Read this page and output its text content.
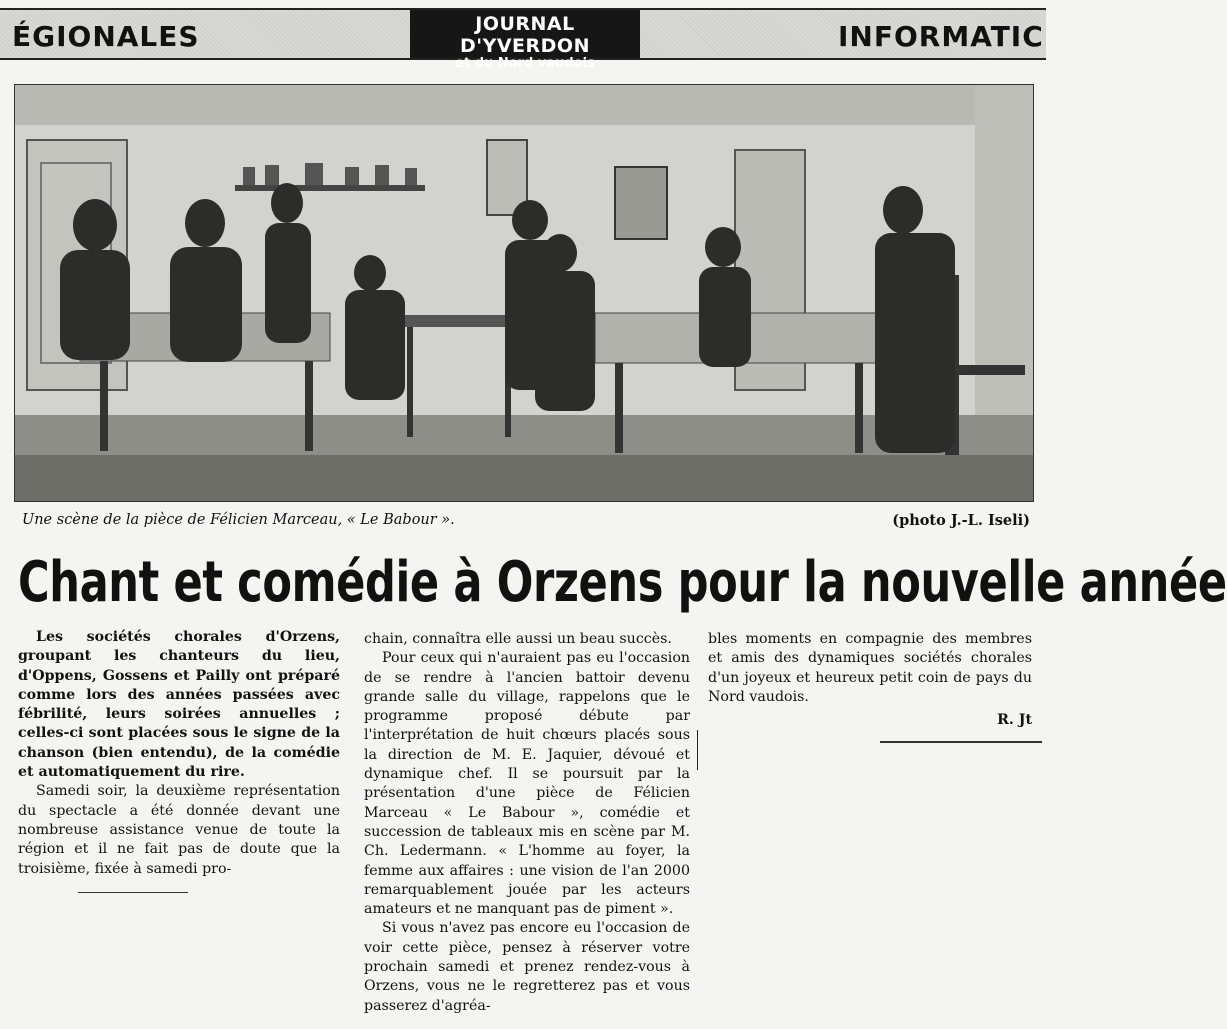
ÉGIONALES	JOURNAL D'YVERDON
et du Nord vaudois
INFORMATIC
Une scène de la pièce de Félicien Marceau, « Le Babour ».	(photo J.-L. Iseli)
Chant et comédie à Orzens pour la nouvelle année

Les sociétés chorales d'Orzens, groupant les chanteurs du lieu, d'Oppens, Gossens et Pailly ont préparé comme lors des années passées avec fébrilité, leurs soirées annuelles ; celles-ci sont placées sous le signe de la chanson (bien entendu), de la comédie et automatiquement du rire.

Samedi soir, la deuxième représentation du spectacle a été donnée devant une nombreuse assistance venue de toute la région et il ne fait pas de doute que la troisième, fixée à samedi pro-

chain, connaîtra elle aussi un beau succès.

Pour ceux qui n'auraient pas eu l'occasion de se rendre à l'ancien battoir devenu grande salle du village, rappelons que le programme proposé débute par l'interprétation de huit chœurs placés sous la direction de M. E. Jaquier, dévoué et dynamique chef. Il se poursuit par la présentation d'une pièce de Félicien Marceau « Le Babour », comédie et succession de tableaux mis en scène par M. Ch. Ledermann. « L'homme au foyer, la femme aux affaires : une vision de l'an 2000 remarquablement jouée par les acteurs amateurs et ne manquant pas de piment ».

Si vous n'avez pas encore eu l'occasion de voir cette pièce, pensez à réserver votre prochain samedi et prenez rendez-vous à Orzens, vous ne le regretterez pas et vous passerez d'agréa-

bles moments en compagnie des membres et amis des dynamiques sociétés chorales d'un joyeux et heureux petit coin de pays du Nord vaudois.

R. Jt
